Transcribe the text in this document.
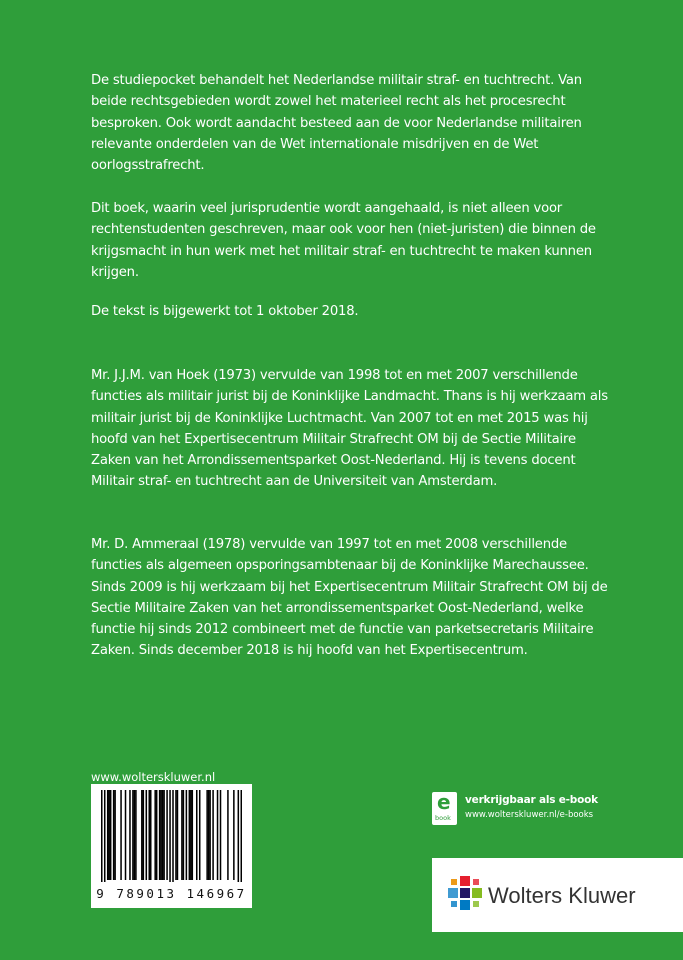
De studiepocket behandelt het Nederlandse militair straf- en tuchtrecht. Van beide rechtsgebieden wordt zowel het materieel recht als het procesrecht besproken. Ook wordt aandacht besteed aan de voor Nederlandse militairen relevante onderdelen van de Wet internationale misdrijven en de Wet oorlogsstrafrecht.

Dit boek, waarin veel jurisprudentie wordt aangehaald, is niet alleen voor rechtenstudenten geschreven, maar ook voor hen (niet-juristen) die binnen de krijgsmacht in hun werk met het militair straf- en tuchtrecht te maken kunnen krijgen.

De tekst is bijgewerkt tot 1 oktober 2018.

Mr. J.J.M. van Hoek (1973) vervulde van 1998 tot en met 2007 verschillende functies als militair jurist bij de Koninklijke Landmacht. Thans is hij werkzaam als militair jurist bij de Koninklijke Luchtmacht. Van 2007 tot en met 2015 was hij hoofd van het Expertisecentrum Militair Strafrecht OM bij de Sectie Militaire Zaken van het Arrondissementsparket Oost-Nederland. Hij is tevens docent Militair straf- en tuchtrecht aan de Universiteit van Amsterdam.

Mr. D. Ammeraal (1978) vervulde van 1997 tot en met 2008 verschillende functies als algemeen opsporingsambtenaar bij de Koninklijke Marechaussee. Sinds 2009 is hij werkzaam bij het Expertisecentrum Militair Strafrecht OM bij de Sectie Militaire Zaken van het arrondissementsparket Oost-Nederland, welke functie hij sinds 2012 combineert met de functie van parketsecretaris Militaire Zaken. Sinds december 2018 is hij hoofd van het Expertisecentrum.

www.wolterskluwer.nl

9 789013 146967
e
book
verkrijgbaar als e-book
www.wolterskluwer.nl/e-books
Wolters Kluwer
